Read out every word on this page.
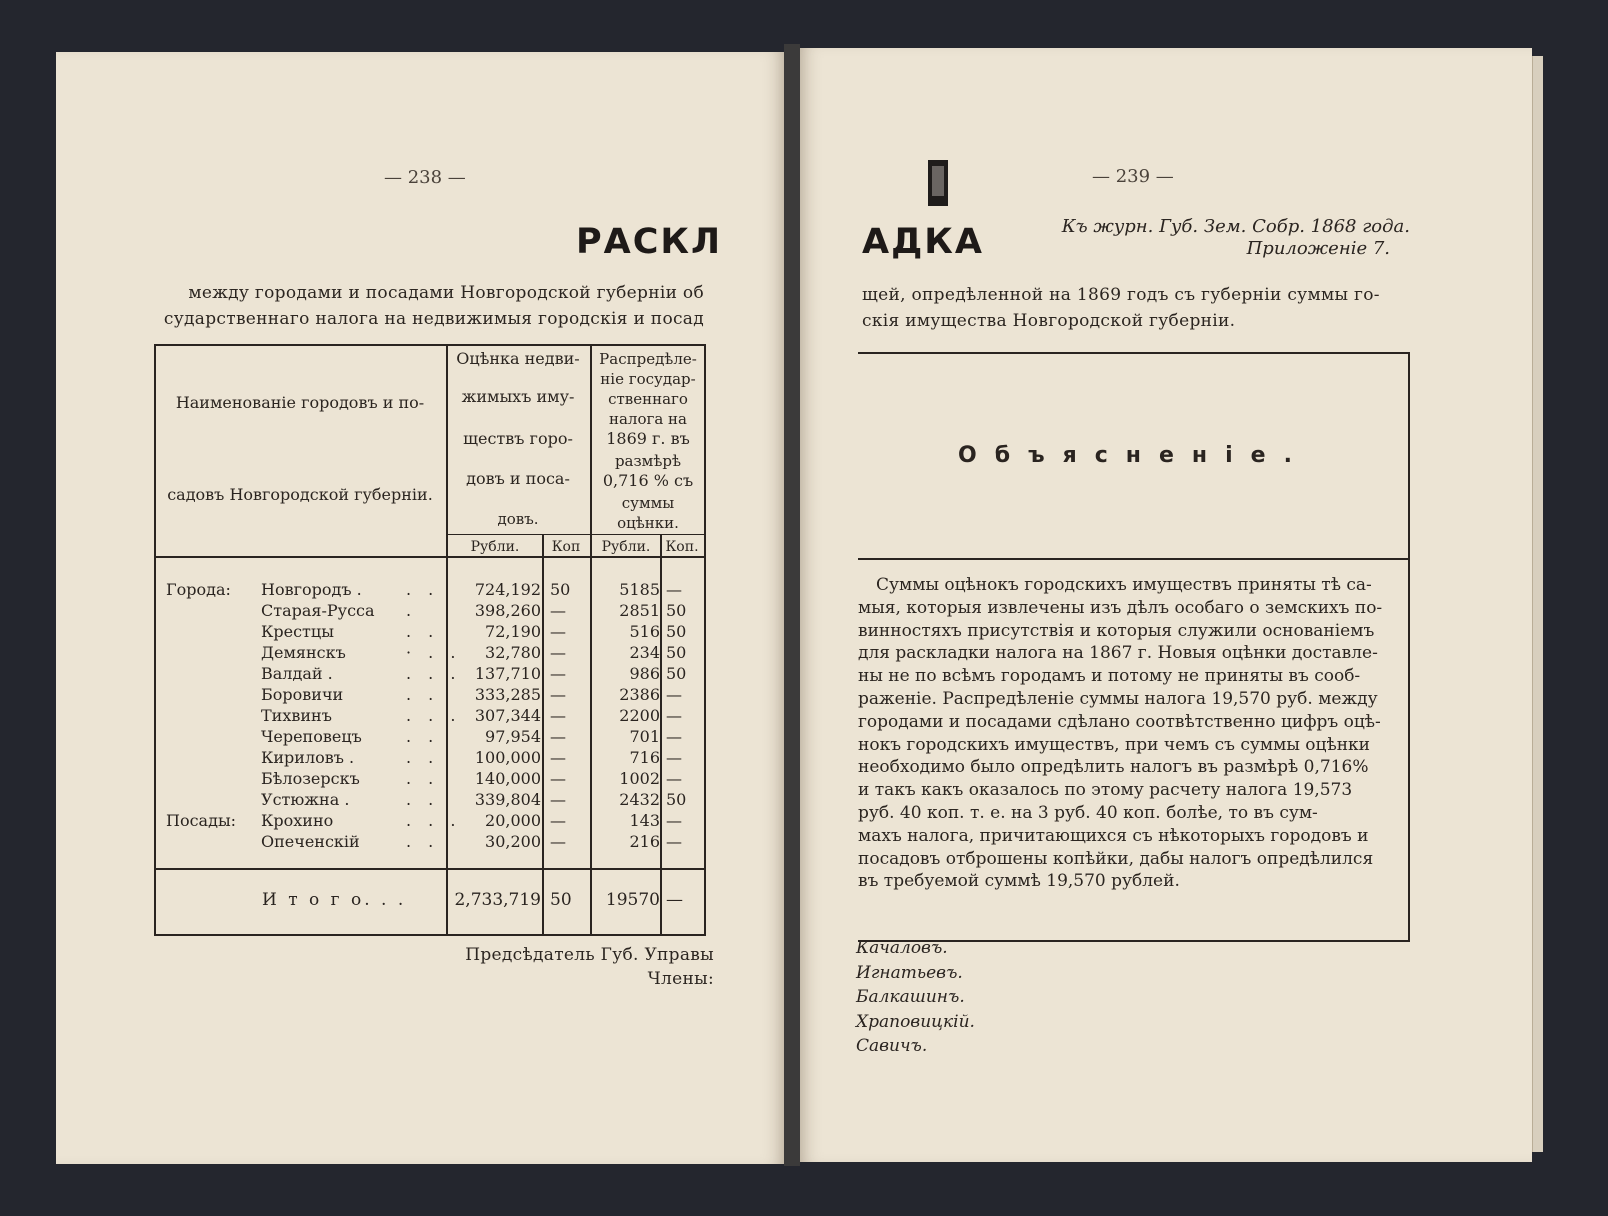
— 238 —
РАСКЛ
между городами и посадами Новгородской губерніи об
сударственнаго налога на недвижимыя городскія и посад
Наименованіе городовъ и по-
садовъ Новгородской губерніи.
Оцѣнка недви-
жимыхъ иму-
ществъ горо-
довъ и поса-
довъ.
Распредѣле-
ніе государ-
ственнаго
налога на
1869 г. въ
размѣрѣ
0,716 % съ
суммы
оцѣнки.
Рубли.	Коп	Рубли.	Коп.
Города: Новгородъ .	. . 724,192 50	5185 —
Старая-Русса .	398,260 —	2851 50
Крестцы	. .	72,190 —	516 50
Демянскъ	· . . 32,780 —	234 50
Валдай .	. . . 137,710 —	986 50
Боровичи	. . 333,285 —	2386 —
Тихвинъ	. . . 307,344 —	2200 —
Череповецъ	. .	97,954 —	701 —
Кириловъ .	. . 100,000 —	716 —
Бѣлозерскъ	. . 140,000 —	1002 —
Устюжна .	. . 339,804 —	2432 50
Посады: Крохино	. . . 20,000 —	143 —
Опеченскій	. .	30,200 —	216 —
И т о г о. . .	2,733,719 50 19570 —
Предсѣдатель Губ. Управы
Члены:
— 239 —
АДКА	Къ журн. Губ. Зем. Собр. 1868 года.
Приложеніе 7.
щей, опредѣленной на 1869 годъ съ губерніи суммы го-
скія имущества Новгородской губерніи.
Объясненіе.
Суммы оцѣнокъ городскихъ имуществъ приняты тѣ са-
мыя, которыя извлечены изъ дѣлъ особаго о земскихъ по-
винностяхъ присутствія и которыя служили основаніемъ
для раскладки налога на 1867 г. Новыя оцѣнки доставле-
ны не по всѣмъ городамъ и потому не приняты въ сооб-
раженіе. Распредѣленіе суммы налога 19,570 руб. между
городами и посадами сдѣлано соотвѣтственно цифръ оцѣ-
нокъ городскихъ имуществъ, при чемъ съ суммы оцѣнки
необходимо было опредѣлить налогъ въ размѣрѣ 0,716%
и такъ какъ оказалось по этому расчету налога 19,573
руб. 40 коп. т. е. на 3 руб. 40 коп. болѣе, то въ сум-
махъ налога, причитающихся съ нѣкоторыхъ городовъ и
посадовъ отброшены копѣйки, дабы налогъ опредѣлился
въ требуемой суммѣ 19,570 рублей.
Качаловъ.
Игнатьевъ.
Балкашинъ.
Храповицкій.
Савичъ.
